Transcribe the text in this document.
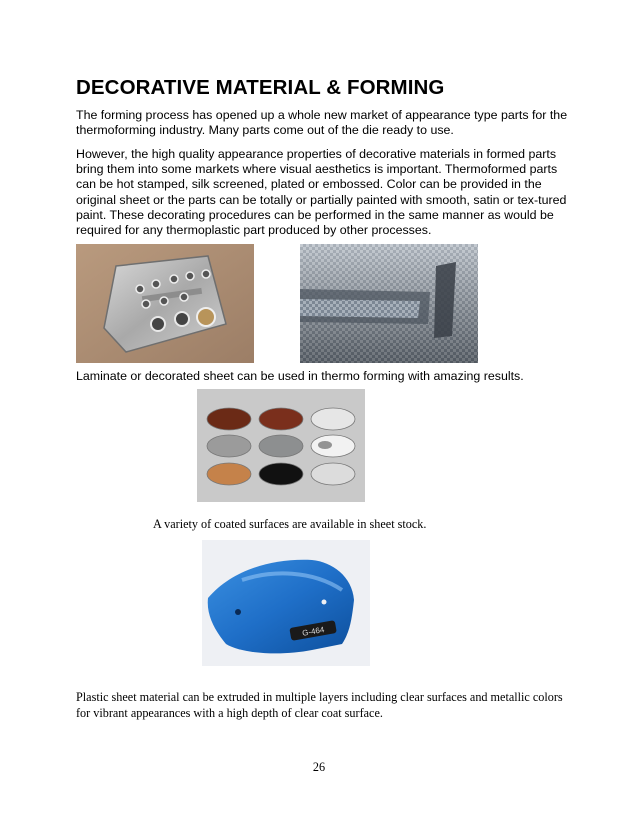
DECORATIVE MATERIAL & FORMING
The forming process has opened up a whole new market of appearance type parts for the thermoforming industry. Many parts come out of the die ready to use.
However, the high quality appearance properties of decorative materials in formed parts bring them into some markets where visual aesthetics is important. Thermoformed parts can be hot stamped, silk screened, plated or embossed. Color can be provided in the original sheet or the parts can be totally or partially painted with smooth, satin or tex-tured paint. These decorating procedures can be performed in the same manner as would be required for any thermoplastic part produced by other processes.
Laminate or decorated sheet can be used in thermo forming with amazing results.
A variety of coated surfaces are available in sheet stock.
G-464
Plastic sheet material can be extruded in multiple layers including clear surfaces and metallic colors for vibrant appearances with a high depth of clear coat surface.
26
